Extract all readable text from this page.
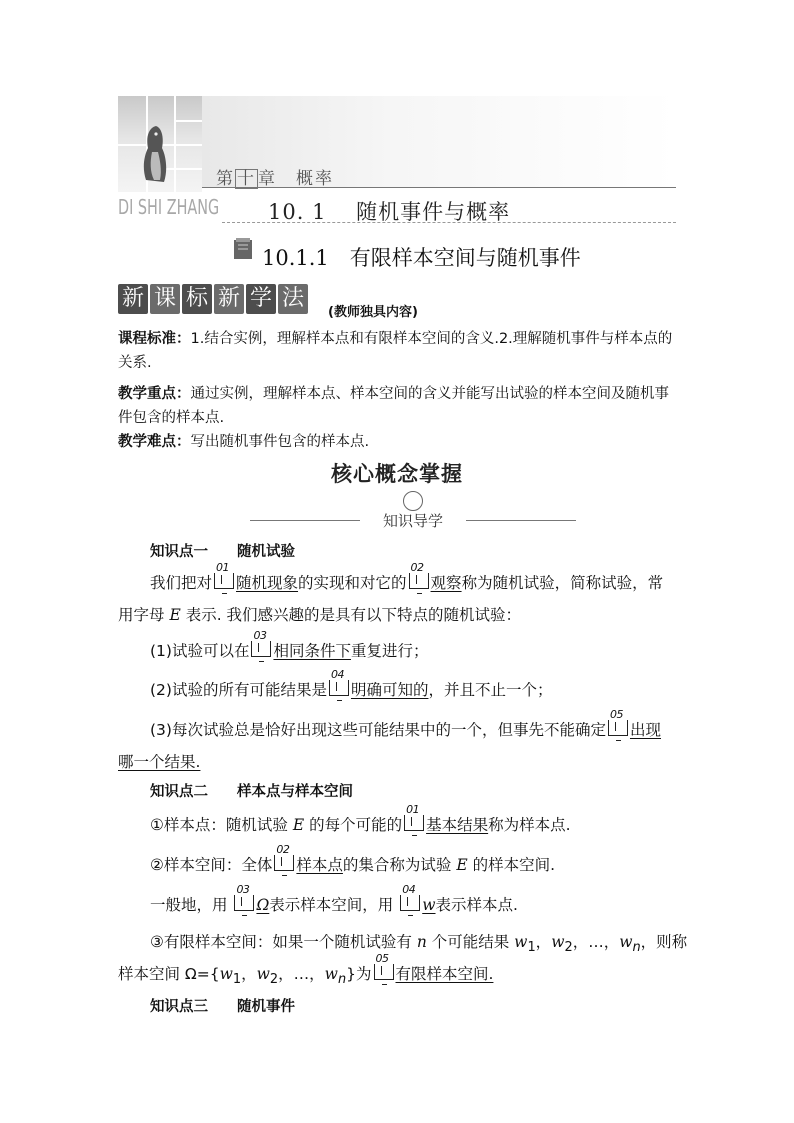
第 十 章　概率
DI SHI ZHANG 10. 1　 随机事件与概率
10.1.1　有限样本空间与随机事件
新 课 标 新 学 法
(教师独具内容)
课程标准：1.结合实例，理解样本点和有限样本空间的含义.2.理解随机事件与样本点的关系.
教学重点：通过实例，理解样本点、样本空间的含义并能写出试验的样本空间及随机事件包含的样本点.
教学难点：写出随机事件包含的样本点.
核心概念掌握
知识导学
知识点一　　随机试验
我们把对
01
随机现象的实现和对它的
02
观察称为随机试验，简称试验，常
用字母 E 表示. 我们感兴趣的是具有以下特点的随机试验：
(1)试验可以在
03
相同条件下重复进行；
(2)试验的所有可能结果是
04
明确可知的，并且不止一个；
(3)每次试验总是恰好出现这些可能结果中的一个，但事先不能确定
05
出现
哪一个结果.
知识点二　　样本点与样本空间
①样本点：随机试验 E 的每个可能的
01
基本结果称为样本点.
②样本空间：全体
02
样本点的集合称为试验 E 的样本空间.
一般地，用
03
Ω表示样本空间，用
04
w表示样本点.
③有限样本空间：如果一个随机试验有 n 个可能结果 $w_1$，$w_2$，…，$w_n$，则称
样本空间 $\Omega=\{w_1$，$w_2$，…，$w_n$}为
05
有限样本空间.
知识点三　　随机事件
